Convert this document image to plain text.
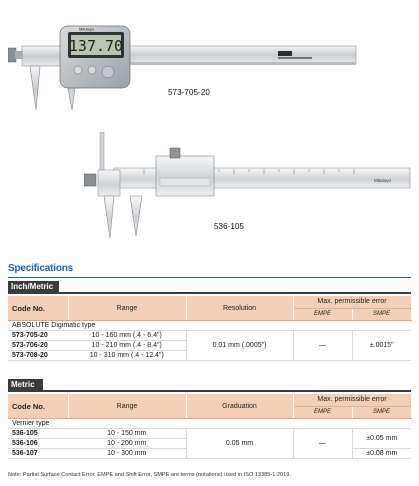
137.70
Mitutoyo
573-705-20
Mitutoyo
536-105
Specifications
Inch/Metric
Code No.	Range	Resolution	Max. permissible error
EMPE SMPE	

ABSOLUTE Digimatic type				
573-705-20	10 - 160 mm (.4 - 6.4")	0.01 mm (.0005")	—	±.0015"
573-706-20	10 - 210 mm (.4 - 8.4")			
573-708-20	10 - 310 mm (.4 - 12.4")			
Metric
Code No.	Range	Graduation	Max. permissible error
EMPE SMPE	

Vernier type				
536-105	10 - 150 mm	0.05 mm	—	±0.05 mm
536-106	10 - 200 mm			
536-107	10 - 300 mm			±0.08 mm
Note: Partial Surface Contact Error, EMPE and Shift Error, SMPE are terms (notations) used in ISO 13385-1:2019.
